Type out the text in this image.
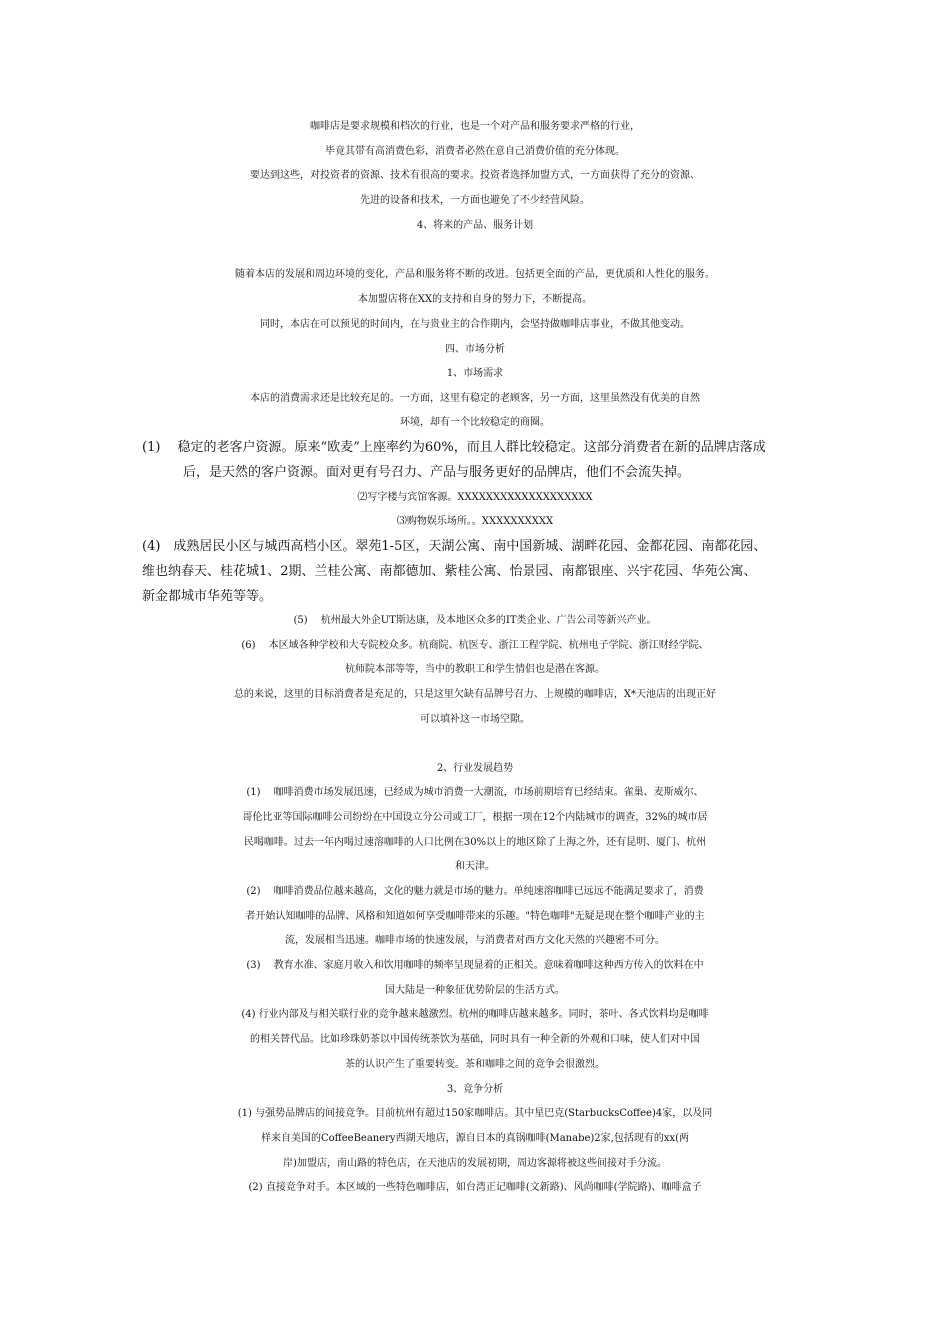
咖啡店是要求规模和档次的行业，也是一个对产品和服务要求严格的行业，
毕竟其带有高消费色彩，消费者必然在意自己消费价值的充分体现。
要达到这些，对投资者的资源、技术有很高的要求。投资者选择加盟方式，一方面获得了充分的资源、
先进的设备和技术，一方面也避免了不少经营风险。
4、将来的产品、服务计划
随着本店的发展和周边环境的变化，产品和服务将不断的改进。包括更全面的产品，更优质和人性化的服务。
本加盟店将在XX的支持和自身的努力下，不断提高。
同时，本店在可以预见的时间内，在与贵业主的合作期内，会坚持做咖啡店事业，不做其他变动。
四、市场分析
1、市场需求
本店的消费需求还是比较充足的。一方面，这里有稳定的老顾客，另一方面，这里虽然没有优美的自然
环境，却有一个比较稳定的商圈。
(1)　 稳定的老客户资源。原来“欧麦”上座率约为60%，而且人群比较稳定。这部分消费者在新的品牌店落成
后，是天然的客户资源。面对更有号召力、产品与服务更好的品牌店，他们不会流失掉。
⑵写字楼与宾馆客源。XXXXXXXXXXXXXXXXXXX
⑶购物娱乐场所。。XXXXXXXXXX
(4)　成熟居民小区与城西高档小区。翠苑1-5区，天湖公寓、南中国新城、湖畔花园、金都花园、南都花园、
维也纳春天、桂花城1、2期、兰桂公寓、南都德加、紫桂公寓、怡景园、南都银座、兴宇花园、华苑公寓、
新金都城市华苑等等。
(5)　 杭州最大外企UT斯达康，及本地区众多的IT类企业、广告公司等新兴产业。
(6)　 本区域各种学校和大专院校众多。杭商院、杭医专、浙江工程学院、杭州电子学院、浙江财经学院、
杭师院本部等等，当中的教职工和学生情侣也是潜在客源。
总的来说，这里的目标消费者是充足的，只是这里欠缺有品牌号召力、上规模的咖啡店，X*天池店的出现正好
可以填补这一市场空隙。
2、行业发展趋势
(1)　 咖啡消费市场发展迅速，已经成为城市消费一大潮流，市场前期培育已经结束。雀巢、麦斯威尔、
哥伦比亚等国际咖啡公司纷纷在中国设立分公司或工厂，根据一项在12个内陆城市的调查，32%的城市居
民喝咖啡。过去一年内喝过速溶咖啡的人口比例在30%以上的地区除了上海之外，还有昆明、厦门、杭州
和天津。
(2)　 咖啡消费品位越来越高，文化的魅力就是市场的魅力。单纯速溶咖啡已远远不能满足要求了，消费
者开始认知咖啡的品牌、风格和知道如何享受咖啡带来的乐趣。"特色咖啡"无疑是现在整个咖啡产业的主
流，发展相当迅速。咖啡市场的快速发展，与消费者对西方文化天然的兴趣密不可分。
(3)　 教育水准、家庭月收入和饮用咖啡的频率呈现显着的正相关。意味着咖啡这种西方传入的饮料在中
国大陆是一种象征优势阶层的生活方式。
(4) 行业内部及与相关联行业的竞争越来越激烈。杭州的咖啡店越来越多。同时，茶叶、各式饮料均是咖啡
的相关替代品。比如珍珠奶茶以中国传统茶饮为基础，同时具有一种全新的外观和口味，使人们对中国
茶的认识产生了重要转变。茶和咖啡之间的竞争会很激烈。
3、竞争分析
(1) 与强势品牌店的间接竞争。目前杭州有超过150家咖啡店。其中星巴克(StarbucksCoffee)4家，以及同
样来自美国的CoffeeBeanery西湖天地店，源自日本的真锅咖啡(Manabe)2家,包括现有的xx(两
岸)加盟店，南山路的特色店，在天池店的发展初期，周边客源将被这些间接对手分流。
(2) 直接竞争对手。本区域的一些特色咖啡店，如台湾正记咖啡(文新路)、风尚咖啡(学院路)、咖啡盒子
